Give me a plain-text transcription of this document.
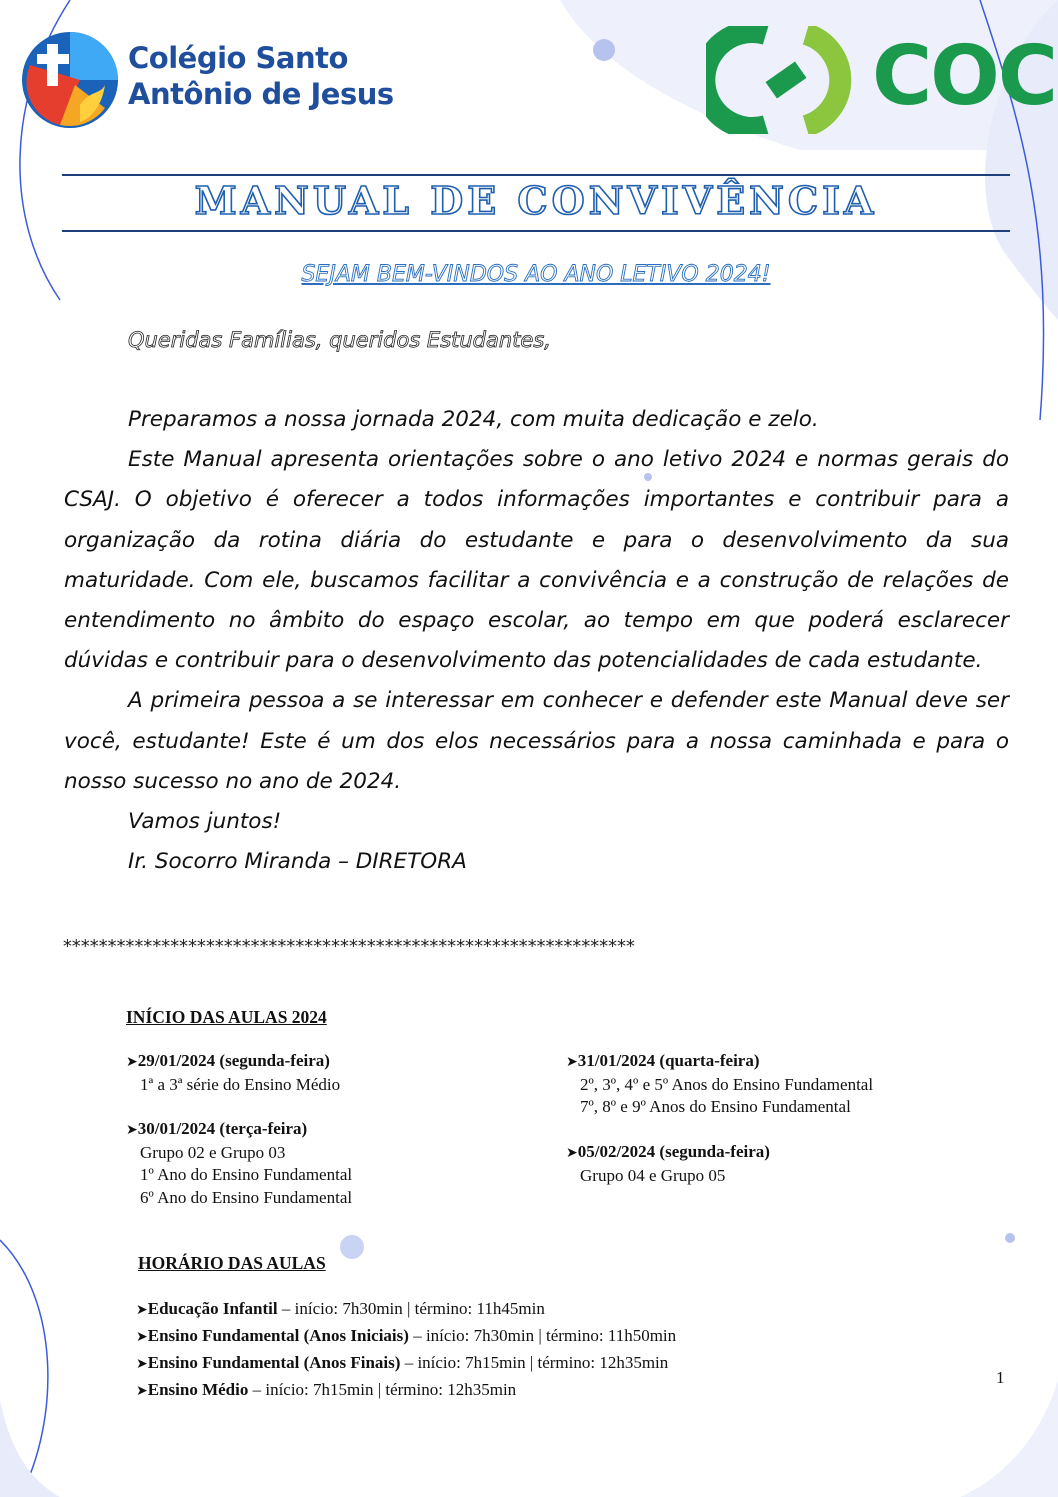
Colégio Santo
Antônio de Jesus	COC
MANUAL DE CONVIVÊNCIA
SEJAM BEM-VINDOS AO ANO LETIVO 2024!
Queridas Famílias, queridos Estudantes,

Preparamos a nossa jornada 2024, com muita dedicação e zelo.

Este Manual apresenta orientações sobre o ano letivo 2024 e normas gerais do CSAJ. O objetivo é oferecer a todos informações importantes e contribuir para a organização da rotina diária do estudante e para o desenvolvimento da sua maturidade. Com ele, buscamos facilitar a convivência e a construção de relações de entendimento no âmbito do espaço escolar, ao tempo em que poderá esclarecer dúvidas e contribuir para o desenvolvimento das potencialidades de cada estudante.

A primeira pessoa a se interessar em conhecer e defender este Manual deve ser você, estudante! Este é um dos elos necessários para a nossa caminhada e para o nosso sucesso no ano de 2024.

Vamos juntos!

Ir. Socorro Miranda – DIRETORA

****************************************************************
INÍCIO DAS AULAS 2024
➤29/01/2024 (segunda-feira)
1ª a 3ª série do Ensino Médio
➤30/01/2024 (terça-feira)
Grupo 02 e Grupo 03
1º Ano do Ensino Fundamental
6º Ano do Ensino Fundamental
➤31/01/2024 (quarta-feira)
2º, 3º, 4º e 5º Anos do Ensino Fundamental
7º, 8º e 9º Anos do Ensino Fundamental
➤05/02/2024 (segunda-feira)
Grupo 04 e Grupo 05
HORÁRIO DAS AULAS
➤Educação Infantil – início: 7h30min | término: 11h45min
➤Ensino Fundamental (Anos Iniciais) – início: 7h30min | término: 11h50min
➤Ensino Fundamental (Anos Finais) – início: 7h15min | término: 12h35min
➤Ensino Médio – início: 7h15min | término: 12h35min
1
